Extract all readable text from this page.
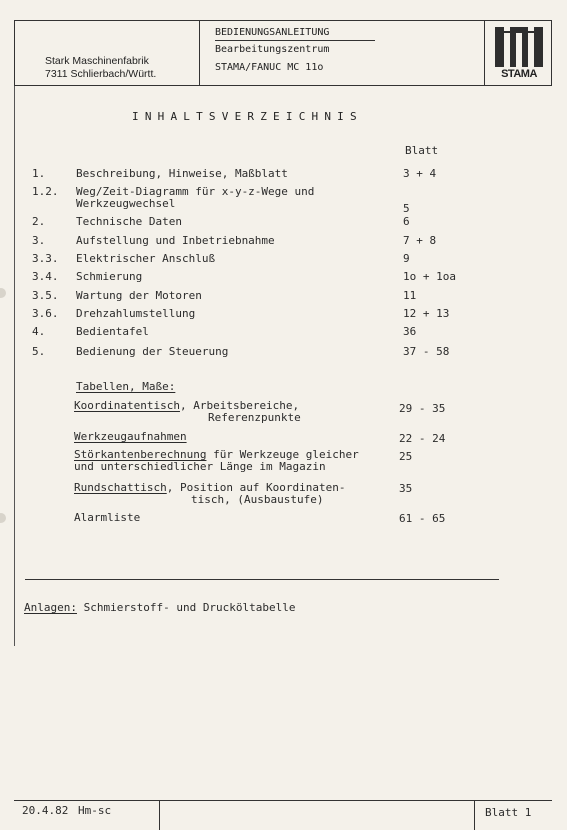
Stark Maschinenfabrik
7311 Schlierbach/Württ.
BEDIENUNGSANLEITUNG
Bearbeitungszentrum
STAMA/FANUC MC 11o
STAMA
INHALTSVERZEICHNIS
Blatt
1.	Beschreibung, Hinweise, Maßblatt	3 + 4
1.2. Weg/Zeit-Diagramm für x-y-z-Wege und
Werkzeugwechsel	5
2.	Technische Daten	6
3.	Aufstellung und Inbetriebnahme	7 + 8
3.3. Elektrischer Anschluß	9
3.4. Schmierung	1o + 1oa
3.5. Wartung der Motoren	11
3.6. Drehzahlumstellung	12 + 13
4.	Bedientafel	36
5.	Bedienung der Steuerung	37 - 58
Tabellen, Maße:
Koordinatentisch, Arbeitsbereiche,
Referenzpunkte
29 - 35
Werkzeugaufnahmen	22 - 24
Störkantenberechnung für Werkzeuge gleicher
und unterschiedlicher Länge im Magazin
25
Rundschattisch, Position auf Koordinaten-
tisch, (Ausbaustufe)
35
Alarmliste	61 - 65
Anlagen: Schmierstoff- und Drucköltabelle
20.4.82 Hm-sc	Blatt 1
